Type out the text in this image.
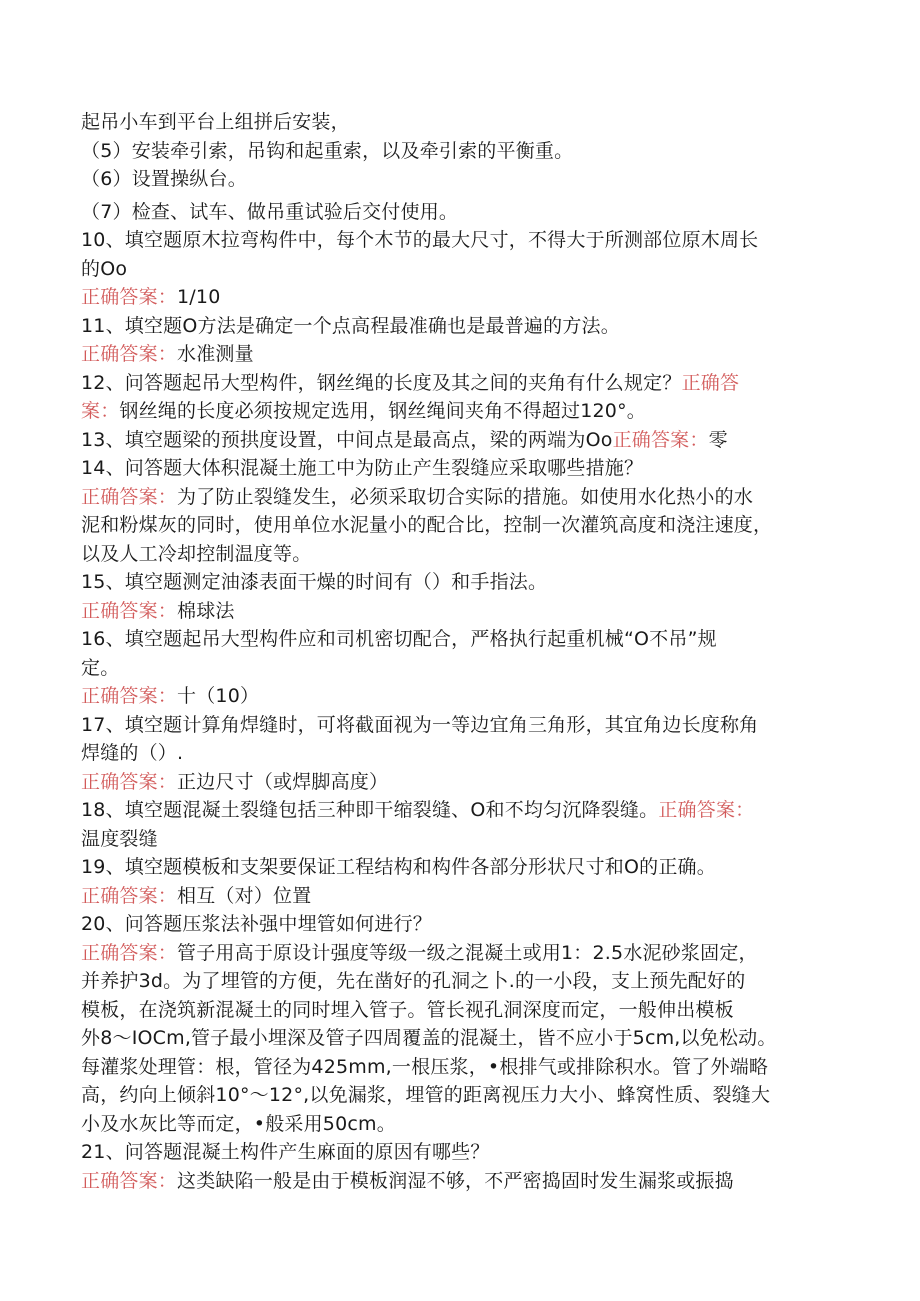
起吊小车到平台上组拼后安装，
（5）安装牵引索，吊钩和起重索，以及牵引索的平衡重。
（6）设置操纵台。
（7）检查、试车、做吊重试验后交付使用。
10、填空题原木拉弯构件中，每个木节的最大尺寸，不得大于所测部位原木周长
的Oo
正确答案：1/10
11、填空题O方法是确定一个点高程最准确也是最普遍的方法。
正确答案：水准测量
12、问答题起吊大型构件，钢丝绳的长度及其之间的夹角有什么规定？正确答
案：钢丝绳的长度必须按规定选用，钢丝绳间夹角不得超过120°。
13、填空题梁的预拱度设置，中间点是最高点，梁的两端为Oo正确答案：零
14、问答题大体积混凝土施工中为防止产生裂缝应采取哪些措施？
正确答案：为了防止裂缝发生，必须采取切合实际的措施。如使用水化热小的水
泥和粉煤灰的同时，使用单位水泥量小的配合比，控制一次灌筑高度和浇注速度，
以及人工冷却控制温度等。
15、填空题测定油漆表面干燥的时间有（）和手指法。
正确答案：棉球法
16、填空题起吊大型构件应和司机密切配合，严格执行起重机械“O不吊”规
定。
正确答案：十（10）
17、填空题计算角焊缝时，可将截面视为一等边宜角三角形，其宜角边长度称角
焊缝的（）.
正确答案：正边尺寸（或焊脚高度）
18、填空题混凝土裂缝包括三种即干缩裂缝、O和不均匀沉降裂缝。正确答案：
温度裂缝
19、填空题模板和支架要保证工程结构和构件各部分形状尺寸和O的正确。
正确答案：相互（对）位置
20、问答题压浆法补强中埋管如何进行？
正确答案：管子用高于原设计强度等级一级之混凝土或用1：2.5水泥砂浆固定，
并养护3d。为了埋管的方便，先在凿好的孔洞之卜.的一小段，支上预先配好的
模板，在浇筑新混凝土的同时埋入管子。管长视孔洞深度而定，一般伸出模板
外8～IOCm,管子最小埋深及管子四周覆盖的混凝土，皆不应小于5cm,以免松动。
每灌浆处理管：根，管径为425mm,一根压浆，•根排气或排除积水。管了外端略
高，约向上倾斜10°～12°,以免漏浆，埋管的距离视压力大小、蜂窝性质、裂缝大
小及水灰比等而定，•般采用50cm。
21、问答题混凝土构件产生麻面的原因有哪些？
正确答案：这类缺陷一般是由于模板润湿不够，不严密捣固时发生漏浆或振捣
